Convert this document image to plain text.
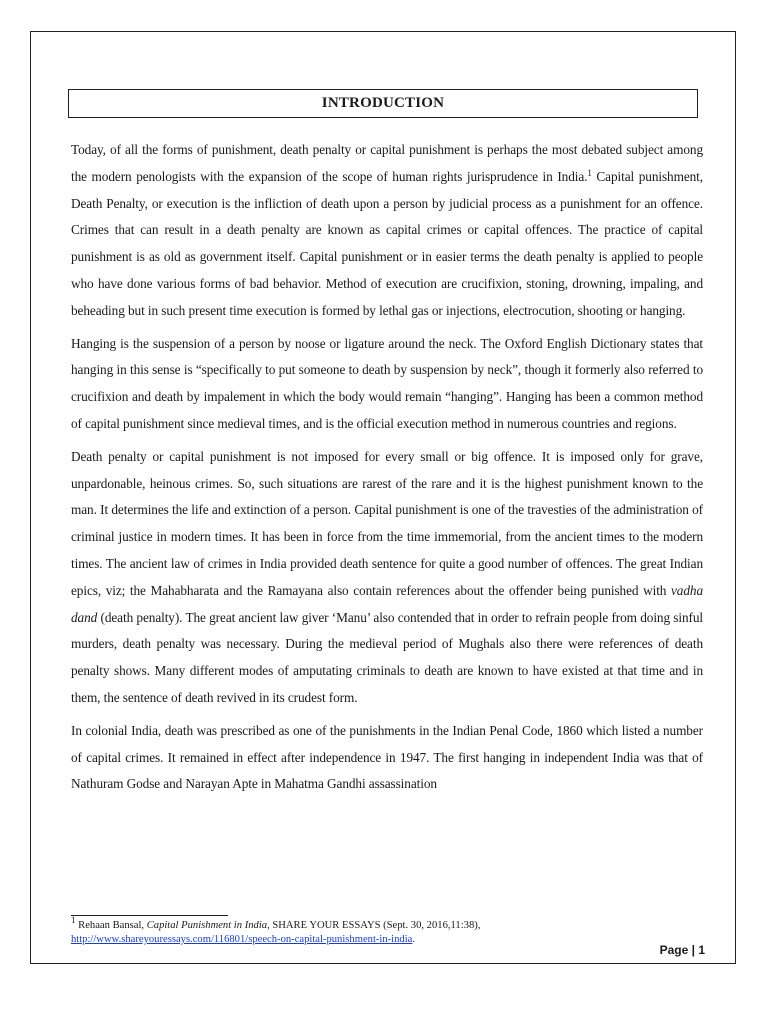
INTRODUCTION

Today, of all the forms of punishment, death penalty or capital punishment is perhaps the most debated subject among the modern penologists with the expansion of the scope of human rights jurisprudence in India.$^1$ Capital punishment, Death Penalty, or execution is the infliction of death upon a person by judicial process as a punishment for an offence. Crimes that can result in a death penalty are known as capital crimes or capital offences. The practice of capital punishment is as old as government itself. Capital punishment or in easier terms the death penalty is applied to people who have done various forms of bad behavior. Method of execution are crucifixion, stoning, drowning, impaling, and beheading but in such present time execution is formed by lethal gas or injections, electrocution, shooting or hanging.

Hanging is the suspension of a person by noose or ligature around the neck. The Oxford English Dictionary states that hanging in this sense is “specifically to put someone to death by suspension by neck”, though it formerly also referred to crucifixion and death by impalement in which the body would remain “hanging”. Hanging has been a common method of capital punishment since medieval times, and is the official execution method in numerous countries and regions.

Death penalty or capital punishment is not imposed for every small or big offence. It is imposed only for grave, unpardonable, heinous crimes. So, such situations are rarest of the rare and it is the highest punishment known to the man. It determines the life and extinction of a person. Capital punishment is one of the travesties of the administration of criminal justice in modern times. It has been in force from the time immemorial, from the ancient times to the modern times. The ancient law of crimes in India provided death sentence for quite a good number of offences. The great Indian epics, viz; the Mahabharata and the Ramayana also contain references about the offender being punished with vadha dand (death penalty). The great ancient law giver ‘Manu’ also contended that in order to refrain people from doing sinful murders, death penalty was necessary. During the medieval period of Mughals also there were references of death penalty shows. Many different modes of amputating criminals to death are known to have existed at that time and in them, the sentence of death revived in its crudest form.

In colonial India, death was prescribed as one of the punishments in the Indian Penal Code, 1860 which listed a number of capital crimes. It remained in effect after independence in 1947. The first hanging in independent India was that of Nathuram Godse and Narayan Apte in Mahatma Gandhi assassination

$^1$ Rehaan Bansal, Capital Punishment in India, SHARE YOUR ESSAYS (Sept. 30, 2016,11:38),
http://www.shareyouressays.com/116801/speech-on-capital-punishment-in-india.
Page | 1
